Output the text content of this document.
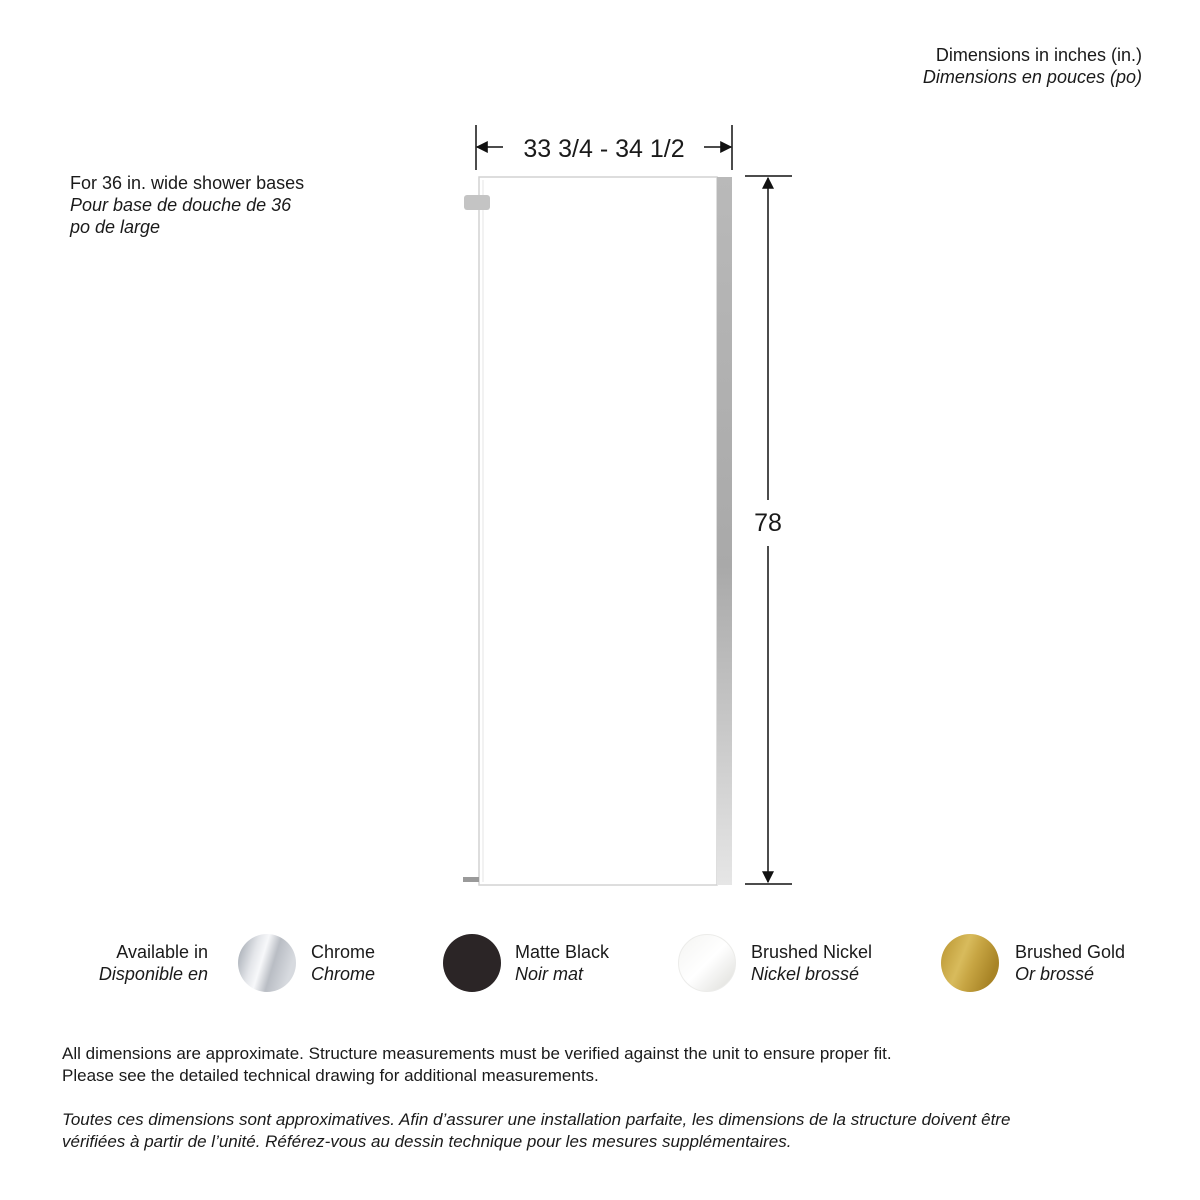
Dimensions in inches (in.)
Dimensions en pouces (po)
For 36 in. wide shower bases
Pour base de douche de 36
po de large
33 3/4 - 34 1/2
78
Available in
Disponible en
Chrome
Chrome
Matte Black
Noir mat
Brushed Nickel
Nickel brossé
Brushed Gold
Or brossé
All dimensions are approximate. Structure measurements must be verified against the unit to ensure proper fit.
Please see the detailed technical drawing for additional measurements.
Toutes ces dimensions sont approximatives. Afin d’assurer une installation parfaite, les dimensions de la structure doivent être
vérifiées à partir de l’unité. Référez-vous au dessin technique pour les mesures supplémentaires.
